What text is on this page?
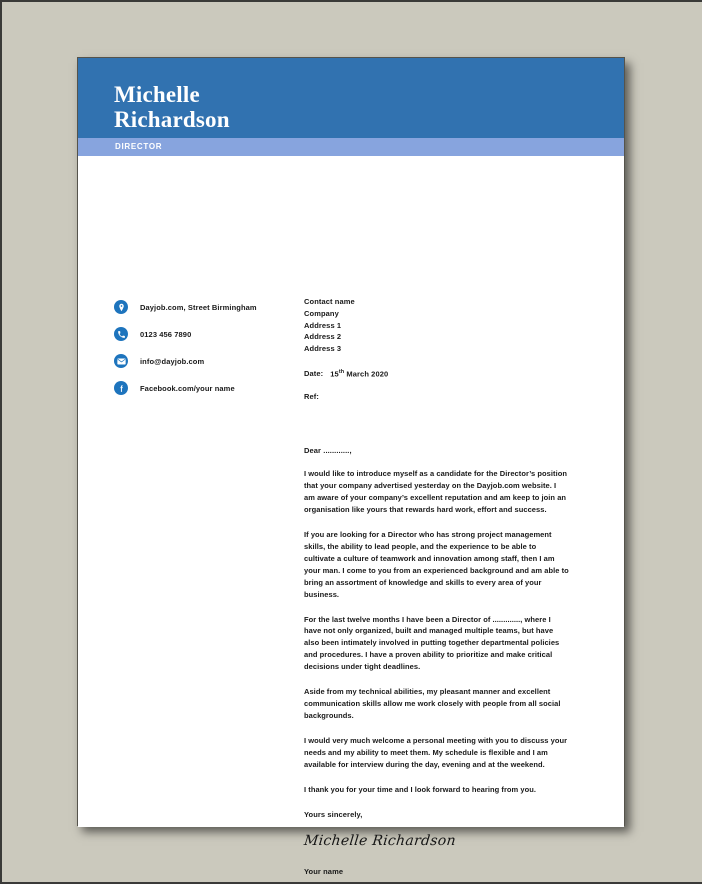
Michelle
Richardson
DIRECTOR
Dayjob.com, Street Birmingham
0123 456 7890
info@dayjob.com
Facebook.com/your name
Contact name
Company
Address 1
Address 2
Address 3
Date: 15th March 2020
Ref:
Dear ............,
I would like to introduce myself as a candidate for the Director’s position that your company advertised yesterday on the Dayjob.com website. I am aware of your company’s excellent reputation and am keep to join an organisation like yours that rewards hard work, effort and success.
If you are looking for a Director who has strong project management skills, the ability to lead people, and the experience to be able to cultivate a culture of teamwork and innovation among staff, then I am your man. I come to you from an experienced background and am able to bring an assortment of knowledge and skills to every area of your business.
For the last twelve months I have been a Director of ............., where I have not only organized, built and managed multiple teams, but have also been intimately involved in putting together departmental policies and procedures. I have a proven ability to prioritize and make critical decisions under tight deadlines.
Aside from my technical abilities, my pleasant manner and excellent communication skills allow me work closely with people from all social backgrounds.
I would very much welcome a personal meeting with you to discuss your needs and my ability to meet them. My schedule is flexible and I am available for interview during the day, evening and at the weekend.
I thank you for your time and I look forward to hearing from you.
Yours sincerely,
Michelle Richardson
Your name
